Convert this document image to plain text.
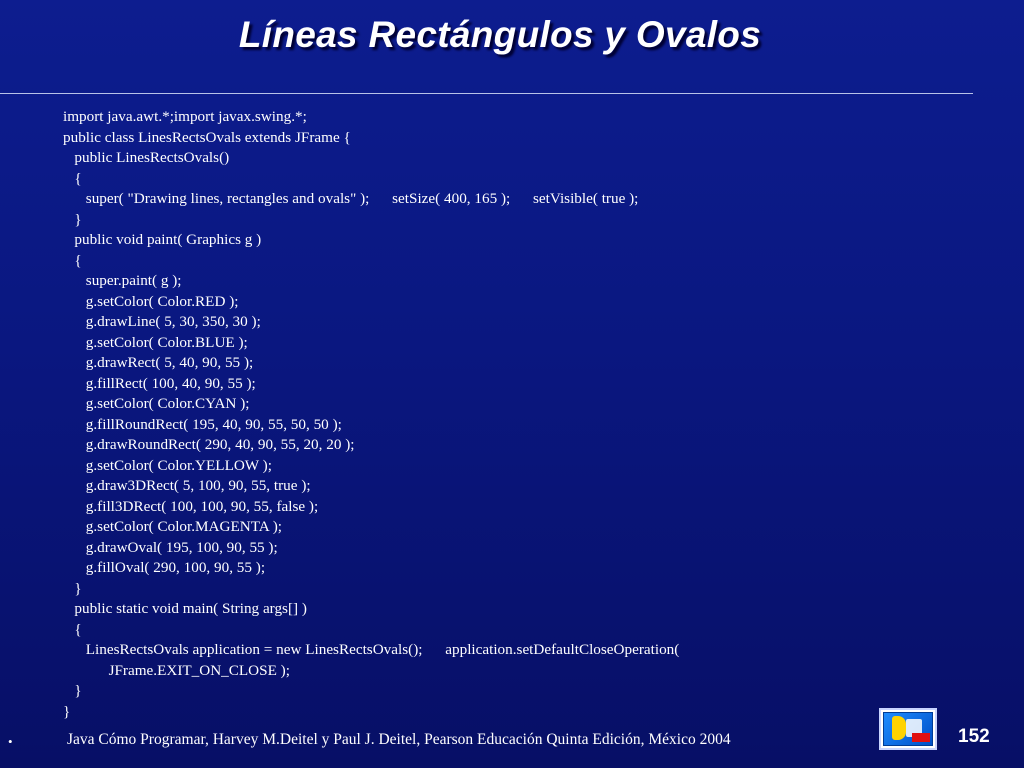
Líneas Rectángulos y Ovalos
import java.awt.*;import javax.swing.*;
public class LinesRectsOvals extends JFrame {
public LinesRectsOvals()
{
super( "Drawing lines, rectangles and ovals" );      setSize( 400, 165 );      setVisible( true );
}
public void paint( Graphics g )
{
super.paint( g );
g.setColor( Color.RED );
g.drawLine( 5, 30, 350, 30 );
g.setColor( Color.BLUE );
g.drawRect( 5, 40, 90, 55 );
g.fillRect( 100, 40, 90, 55 );
g.setColor( Color.CYAN );
g.fillRoundRect( 195, 40, 90, 55, 50, 50 );
g.drawRoundRect( 290, 40, 90, 55, 20, 20 );
g.setColor( Color.YELLOW );
g.draw3DRect( 5, 100, 90, 55, true );
g.fill3DRect( 100, 100, 90, 55, false );
g.setColor( Color.MAGENTA );
g.drawOval( 195, 100, 90, 55 );
g.fillOval( 290, 100, 90, 55 );
}
public static void main( String args[] )
{
LinesRectsOvals application = new LinesRectsOvals();      application.setDefaultCloseOperation(
JFrame.EXIT_ON_CLOSE );
}
}
•	Java Cómo Programar, Harvey M.Deitel y Paul J. Deitel, Pearson Educación Quinta Edición, México 2004	152
